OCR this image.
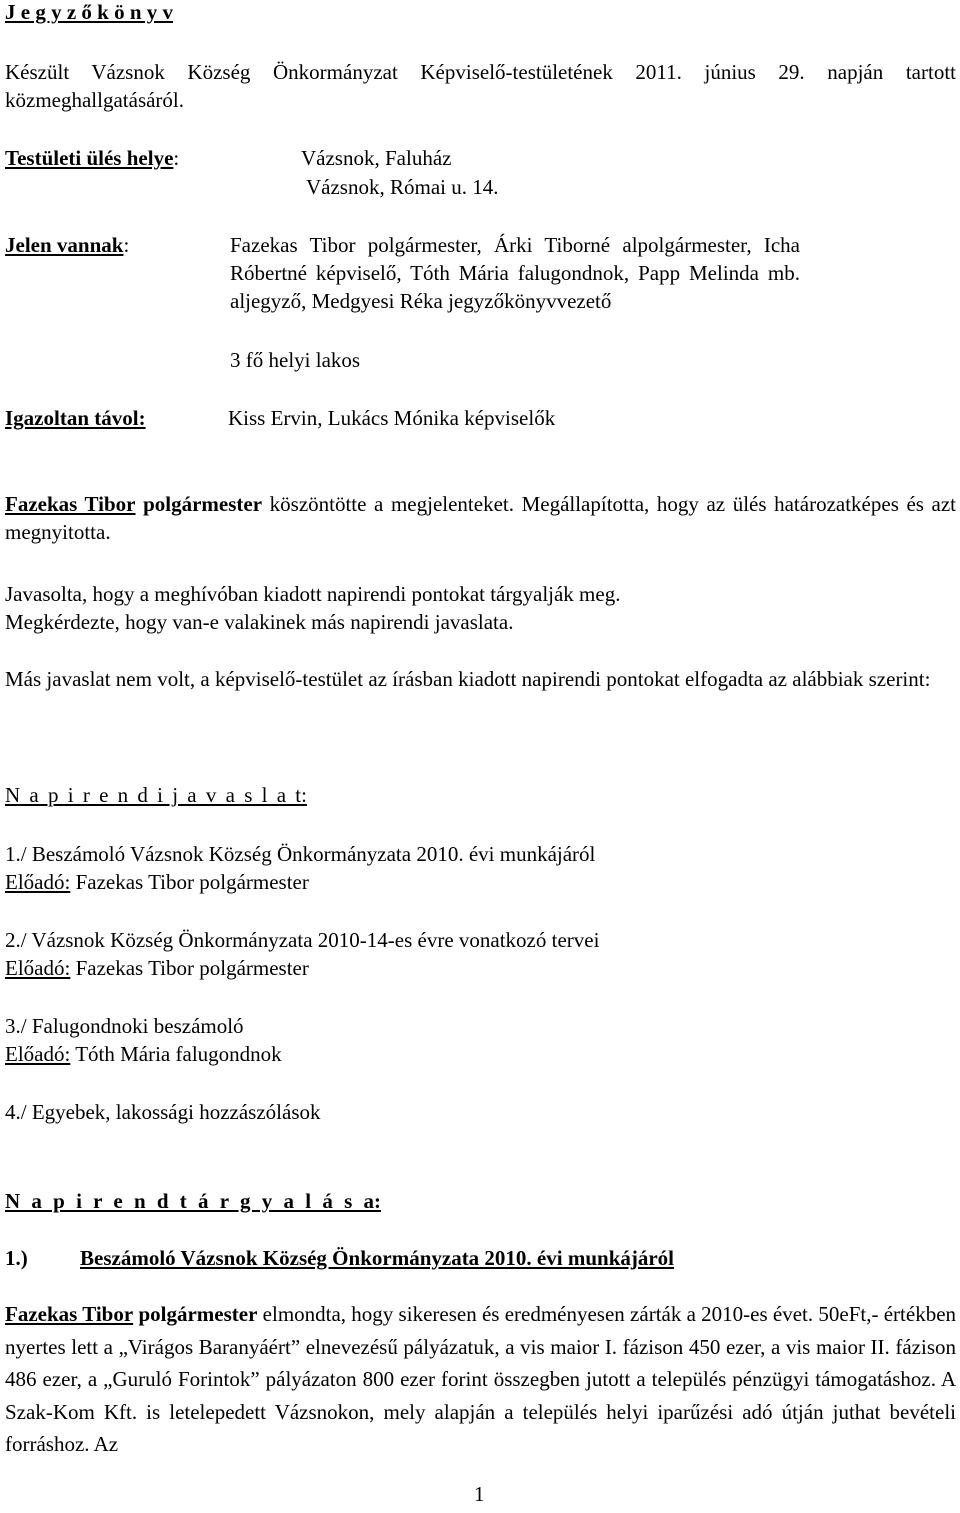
J e g y z ő k ö n y v

Készült Vázsnok Község Önkormányzat Képviselő-testületének 2011. június 29. napján tartott közmeghallgatásáról.

Testületi ülés helye:	Vázsnok, Faluház
Vázsnok, Római u. 14.
Jelen vannak:	Fazekas Tibor polgármester, Árki Tiborné alpolgármester, Icha Róbertné képviselő, Tóth Mária falugondnok, Papp Melinda mb. aljegyző, Medgyesi Réka jegyzőkönyvvezető

3 fő helyi lakos
Igazoltan távol:	Kiss Ervin, Lukács Mónika képviselők

Fazekas Tibor polgármester köszöntötte a megjelenteket. Megállapította, hogy az ülés határozatképes és azt megnyitotta.

Javasolta, hogy a meghívóban kiadott napirendi pontokat tárgyalják meg.
Megkérdezte, hogy van-e valakinek más napirendi javaslata.

Más javaslat nem volt, a képviselő-testület az írásban kiadott napirendi pontokat elfogadta az alábbiak szerint:

N a p i r e n d i j a v a s l a t:
1./ Beszámoló Vázsnok Község Önkormányzata 2010. évi munkájáról
Előadó: Fazekas Tibor polgármester
2./ Vázsnok Község Önkormányzata 2010-14-es évre vonatkozó tervei
Előadó: Fazekas Tibor polgármester
3./ Falugondnoki beszámoló
Előadó: Tóth Mária falugondnok
4./ Egyebek, lakossági hozzászólások
N a p i r e n d t á r g y a l á s a:
1.) Beszámoló Vázsnok Község Önkormányzata 2010. évi munkájáról

Fazekas Tibor polgármester elmondta, hogy sikeresen és eredményesen zárták a 2010-es évet. 50eFt,- értékben nyertes lett a „Virágos Baranyáért” elnevezésű pályázatuk, a vis maior I. fázison 450 ezer, a vis maior II. fázison 486 ezer, a „Guruló Forintok” pályázaton 800 ezer forint összegben jutott a település pénzügyi támogatáshoz. A Szak-Kom Kft. is letelepedett Vázsnokon, mely alapján a település helyi iparűzési adó útján juthat bevételi forráshoz. Az

1
